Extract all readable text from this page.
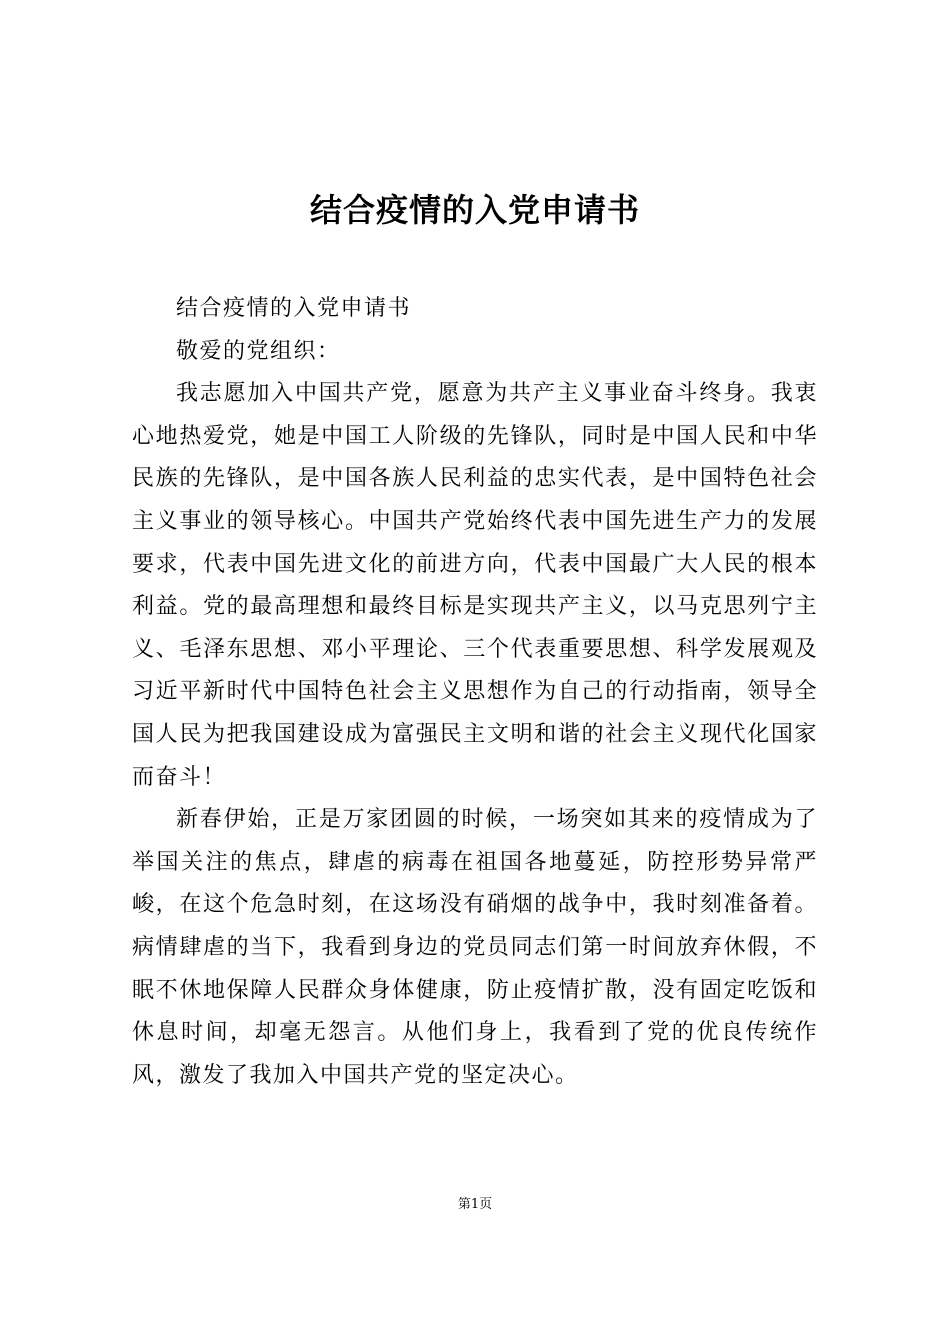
结合疫情的入党申请书

结合疫情的入党申请书

敬爱的党组织：

我志愿加入中国共产党，愿意为共产主义事业奋斗终身。我衷心地热爱党，她是中国工人阶级的先锋队，同时是中国人民和中华民族的先锋队，是中国各族人民利益的忠实代表，是中国特色社会主义事业的领导核心。中国共产党始终代表中国先进生产力的发展要求，代表中国先进文化的前进方向，代表中国最广大人民的根本利益。党的最高理想和最终目标是实现共产主义，以马克思列宁主义、毛泽东思想、邓小平理论、三个代表重要思想、科学发展观及习近平新时代中国特色社会主义思想作为自己的行动指南，领导全国人民为把我国建设成为富强民主文明和谐的社会主义现代化国家而奋斗！

新春伊始，正是万家团圆的时候，一场突如其来的疫情成为了举国关注的焦点，肆虐的病毒在祖国各地蔓延，防控形势异常严峻，在这个危急时刻，在这场没有硝烟的战争中，我时刻准备着。病情肆虐的当下，我看到身边的党员同志们第一时间放弃休假，不眠不休地保障人民群众身体健康，防止疫情扩散，没有固定吃饭和休息时间，却毫无怨言。从他们身上，我看到了党的优良传统作风，激发了我加入中国共产党的坚定决心。

第1页
